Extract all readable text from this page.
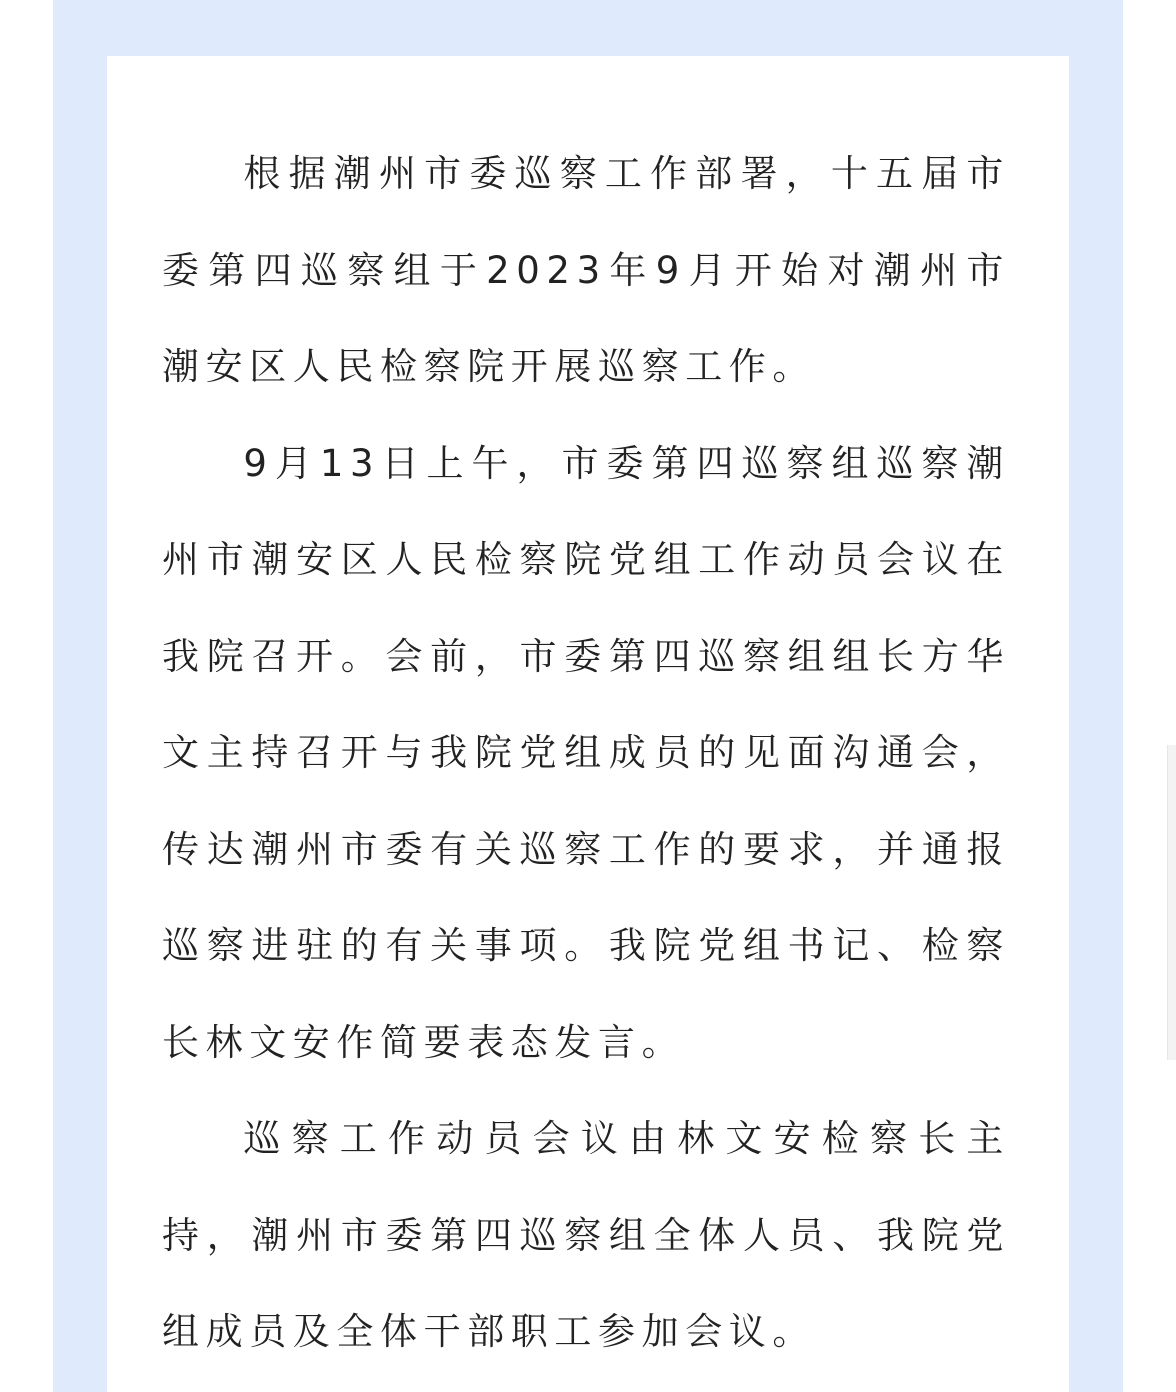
根据潮州市委巡察工作部署，十五届市委第四巡察组于2023年9月开始对潮州市潮安区人民检察院开展巡察工作。

9月13日上午，市委第四巡察组巡察潮州市潮安区人民检察院党组工作动员会议在我院召开。会前，市委第四巡察组组长方华文主持召开与我院党组成员的见面沟通会，传达潮州市委有关巡察工作的要求，并通报巡察进驻的有关事项。我院党组书记、检察长林文安作简要表态发言。

巡察工作动员会议由林文安检察长主持，潮州市委第四巡察组全体人员、我院党组成员及全体干部职工参加会议。
